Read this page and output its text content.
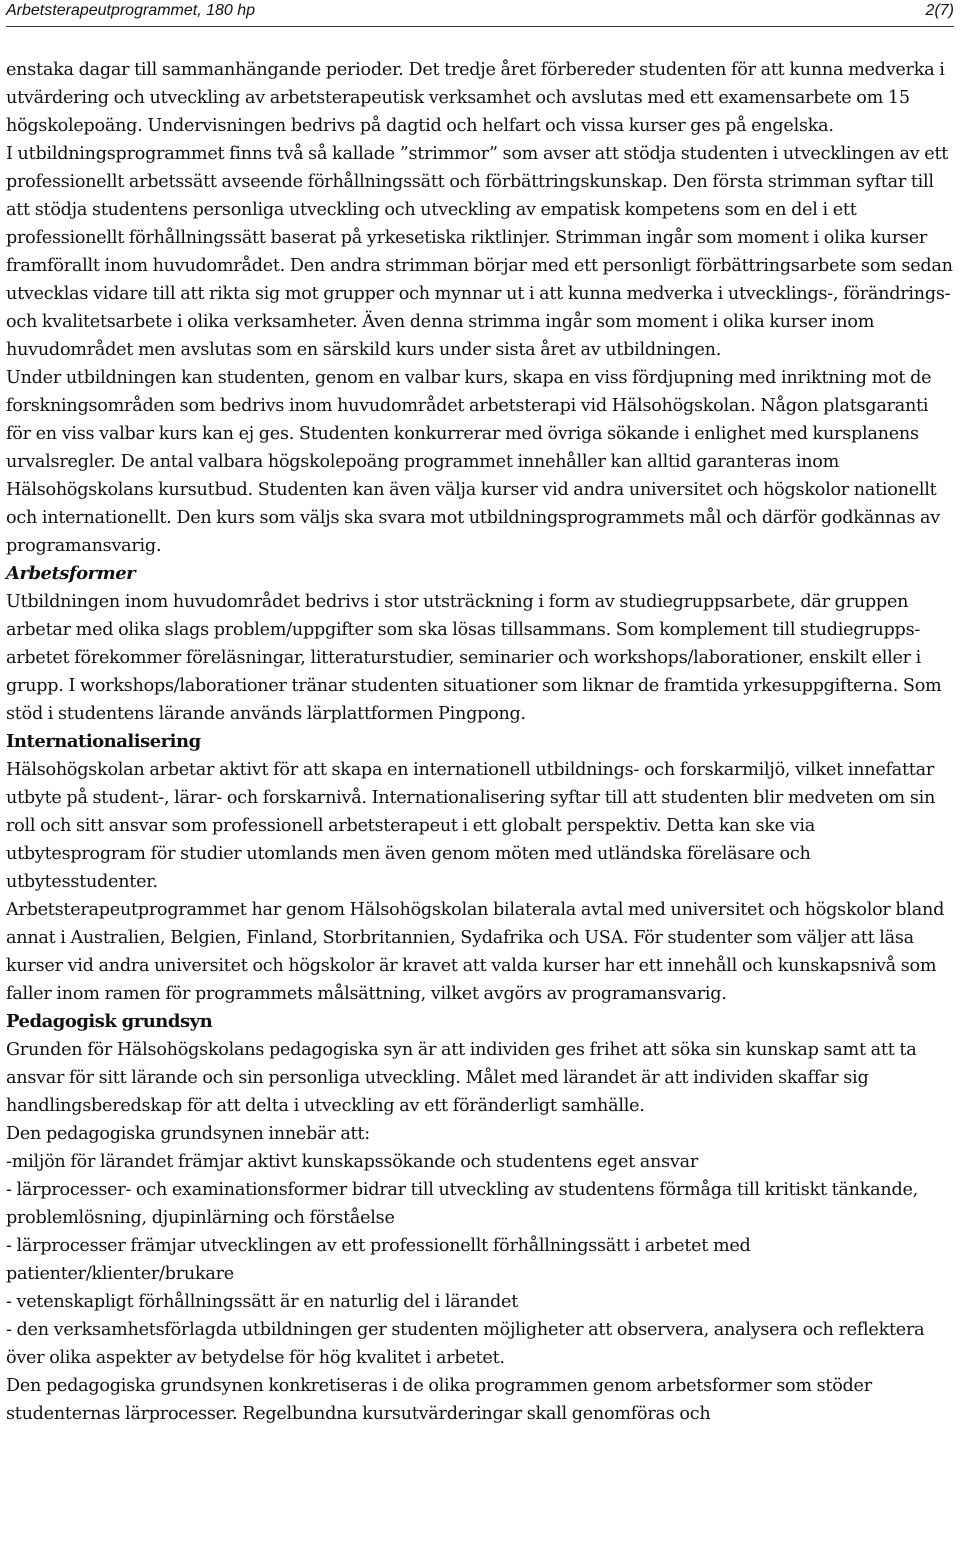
Arbetsterapeutprogrammet, 180 hp	2(7)

enstaka dagar till sammanhängande perioder. Det tredje året förbereder studenten för att kunna medverka i utvärdering och utveckling av arbetsterapeutisk verksamhet och avslutas med ett examensarbete om 15 högskolepoäng. Undervisningen bedrivs på dagtid och helfart och vissa kurser ges på engelska.

I utbildningsprogrammet finns två så kallade ”strimmor” som avser att stödja studenten i utvecklingen av ett professionellt arbetssätt avseende förhållningssätt och förbättringskunskap. Den första strimman syftar till att stödja studentens personliga utveckling och utveckling av empatisk kompetens som en del i ett professionellt förhållningssätt baserat på yrkesetiska riktlinjer. Strimman ingår som moment i olika kurser framförallt inom huvudområdet. Den andra strimman börjar med ett personligt förbättringsarbete som sedan utvecklas vidare till att rikta sig mot grupper och mynnar ut i att kunna medverka i utvecklings-, förändrings- och kvalitetsarbete i olika verksamheter. Även denna strimma ingår som moment i olika kurser inom huvudområdet men avslutas som en särskild kurs under sista året av utbildningen.

Under utbildningen kan studenten, genom en valbar kurs, skapa en viss fördjupning med inriktning mot de forskningsområden som bedrivs inom huvudområdet arbetsterapi vid Hälsohögskolan. Någon platsgaranti för en viss valbar kurs kan ej ges. Studenten konkurrerar med övriga sökande i enlighet med kursplanens urvalsregler. De antal valbara högskolepoäng programmet innehåller kan alltid garanteras inom Hälsohögskolans kursutbud. Studenten kan även välja kurser vid andra universitet och högskolor nationellt och internationellt. Den kurs som väljs ska svara mot utbildningsprogrammets mål och därför godkännas av programansvarig.

Arbetsformer

Utbildningen inom huvudområdet bedrivs i stor utsträckning i form av studiegruppsarbete, där gruppen arbetar med olika slags problem/uppgifter som ska lösas tillsammans. Som komplement till studiegrupps-arbetet förekommer föreläsningar, litteraturstudier, seminarier och workshops/laborationer, enskilt eller i grupp. I workshops/laborationer tränar studenten situationer som liknar de framtida yrkesuppgifterna. Som stöd i studentens lärande används lärplattformen Pingpong.

Internationalisering

Hälsohögskolan arbetar aktivt för att skapa en internationell utbildnings- och forskarmiljö, vilket innefattar utbyte på student-, lärar- och forskarnivå. Internationalisering syftar till att studenten blir medveten om sin roll och sitt ansvar som professionell arbetsterapeut i ett globalt perspektiv. Detta kan ske via utbytesprogram för studier utomlands men även genom möten med utländska föreläsare och utbytesstudenter.

Arbetsterapeutprogrammet har genom Hälsohögskolan bilaterala avtal med universitet och högskolor bland annat i Australien, Belgien, Finland, Storbritannien, Sydafrika och USA. För studenter som väljer att läsa kurser vid andra universitet och högskolor är kravet att valda kurser har ett innehåll och kunskapsnivå som faller inom ramen för programmets målsättning, vilket avgörs av programansvarig.

Pedagogisk grundsyn

Grunden för Hälsohögskolans pedagogiska syn är att individen ges frihet att söka sin kunskap samt att ta ansvar för sitt lärande och sin personliga utveckling. Målet med lärandet är att individen skaffar sig handlingsberedskap för att delta i utveckling av ett föränderligt samhälle.

Den pedagogiska grundsynen innebär att:

-miljön för lärandet främjar aktivt kunskapssökande och studentens eget ansvar

- lärprocesser- och examinationsformer bidrar till utveckling av studentens förmåga till kritiskt tänkande, problemlösning, djupinlärning och förståelse

- lärprocesser främjar utvecklingen av ett professionellt förhållningssätt i arbetet med patienter/klienter/brukare

- vetenskapligt förhållningssätt är en naturlig del i lärandet

- den verksamhetsförlagda utbildningen ger studenten möjligheter att observera, analysera och reflektera över olika aspekter av betydelse för hög kvalitet i arbetet.

Den pedagogiska grundsynen konkretiseras i de olika programmen genom arbetsformer som stöder studenternas lärprocesser. Regelbundna kursutvärderingar skall genomföras och
